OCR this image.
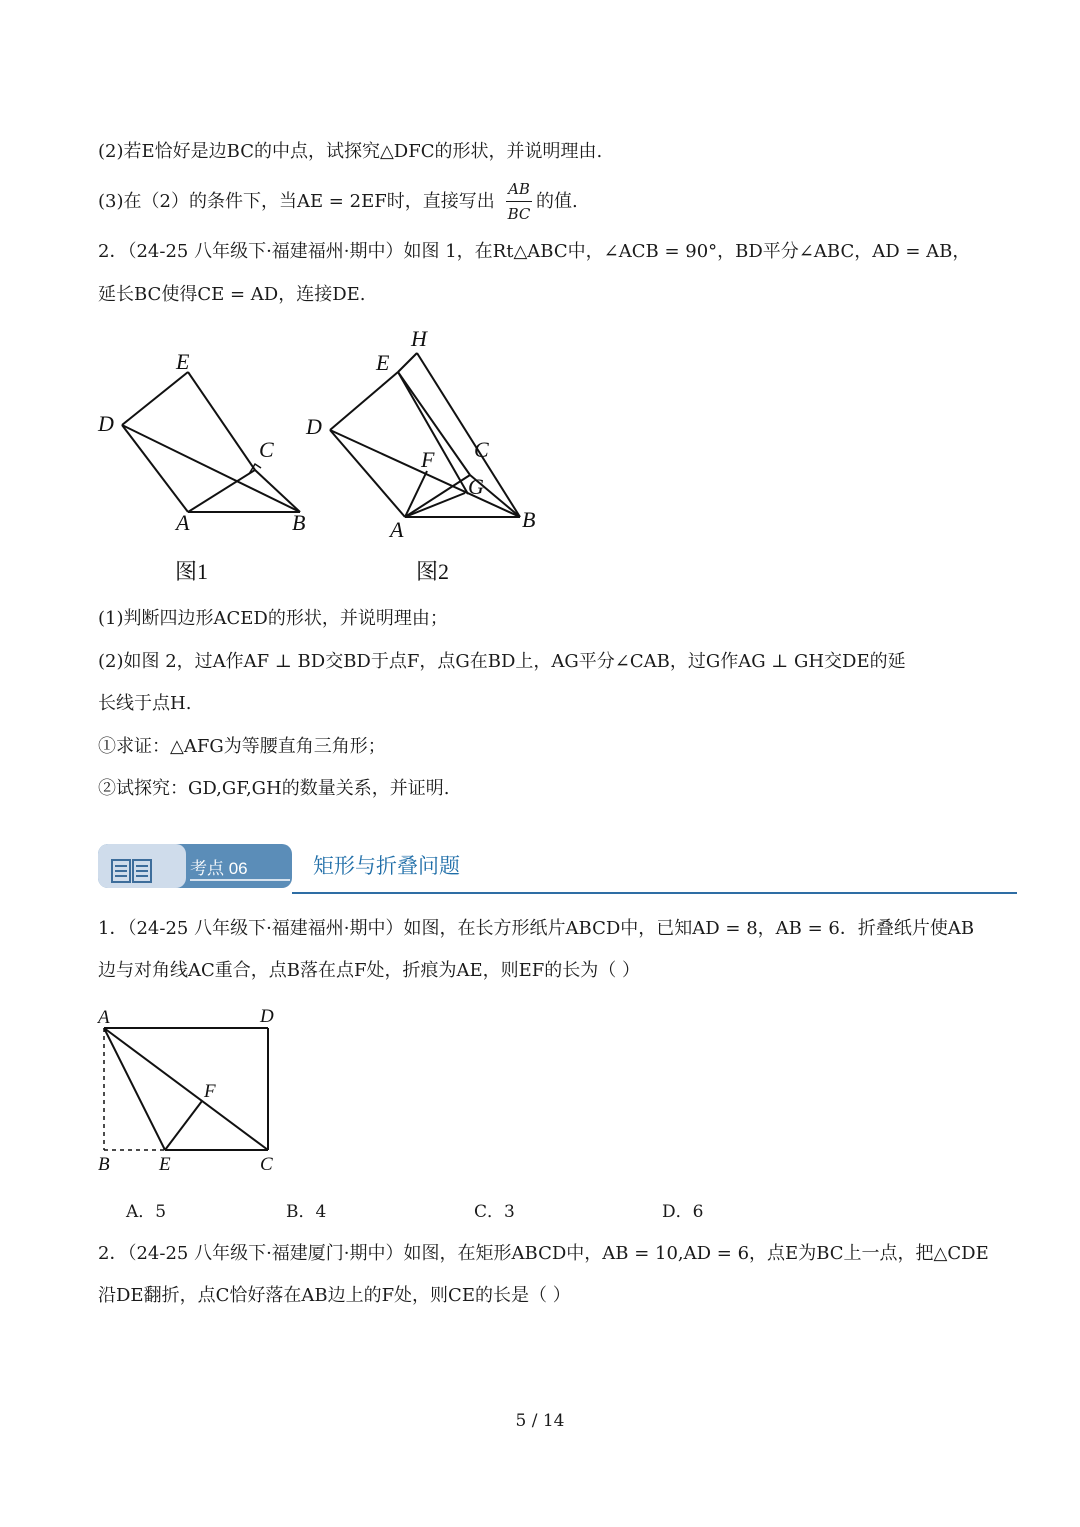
(2)若E恰好是边BC的中点，试探究△DFC的形状，并说明理由.
(3)在（2）的条件下，当AE = 2EF时，直接写出
AB
BC
的值.
2．（24-25 八年级下·福建福州·期中）如图 1，在Rt△ABC中，∠ACB = 90°，BD平分∠ABC，AD = AB，
延长BC使得CE = AD，连接DE.
E
D
C
A	B
图1
H
E
D
C
F
G
A	B
图2
(1)判断四边形ACED的形状，并说明理由；
(2)如图 2，过A作AF ⊥ BD交BD于点F，点G在BD上，AG平分∠CAB，过G作AG ⊥ GH交DE的延
长线于点H.
①求证：△AFG为等腰直角三角形；
②试探究：GD,GF,GH的数量关系，并证明.
考点 06	矩形与折叠问题
1．（24-25 八年级下·福建福州·期中）如图，在长方形纸片ABCD中，已知AD = 8，AB = 6．折叠纸片使AB
边与对角线AC重合，点B落在点F处，折痕为AE，则EF的长为（ ）
A	D
F
B	E	C
A．5	B．4	C．3	D．6
2．（24-25 八年级下·福建厦门·期中）如图，在矩形ABCD中，AB = 10,AD = 6，点E为BC上一点，把△CDE
沿DE翻折，点C恰好落在AB边上的F处，则CE的长是（ ）
5 / 14
